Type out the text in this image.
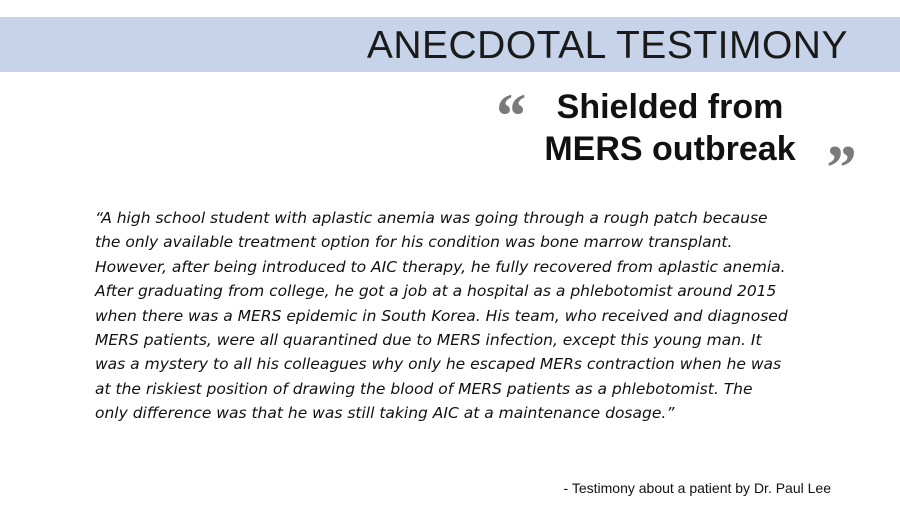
ANECDOTAL TESTIMONY
“ Shielded from
MERS outbreak ”
“A high school student with aplastic anemia was going through a rough patch because
the only available treatment option for his condition was bone marrow transplant.
However, after being introduced to AIC therapy, he fully recovered from aplastic anemia.
After graduating from college, he got a job at a hospital as a phlebotomist around 2015
when there was a MERS epidemic in South Korea. His team, who received and diagnosed
MERS patients, were all quarantined due to MERS infection, except this young man. It
was a mystery to all his colleagues why only he escaped MERs contraction when he was
at the riskiest position of drawing the blood of MERS patients as a phlebotomist. The
only difference was that he was still taking AIC at a maintenance dosage.”
- Testimony about a patient by Dr. Paul Lee
